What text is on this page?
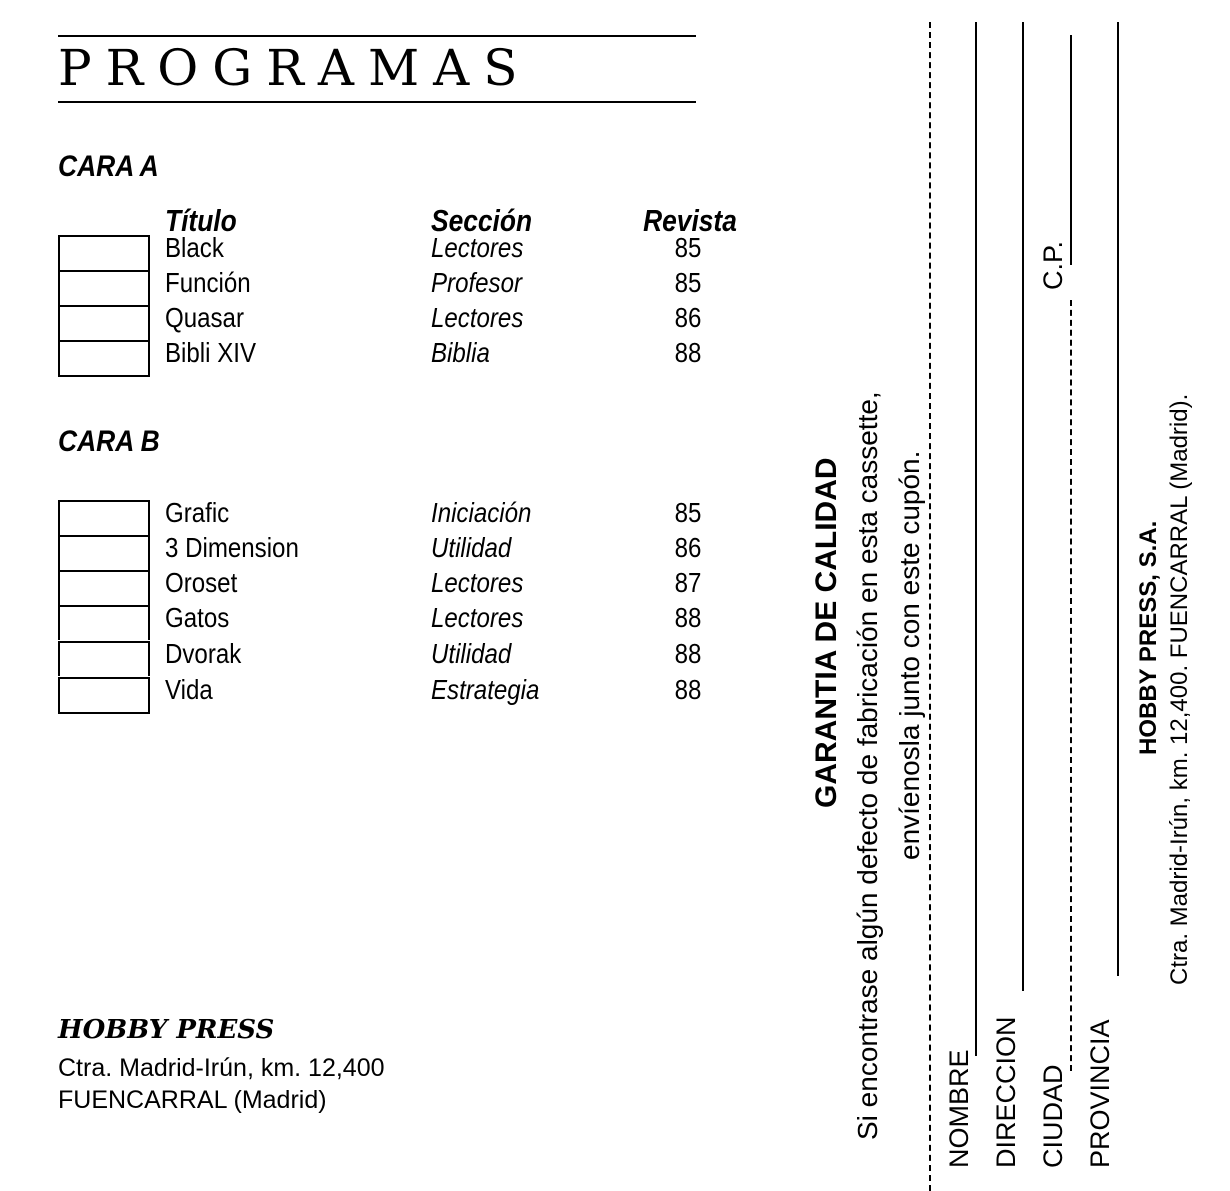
PROGRAMAS
CARA A
Título	Sección	Revista
Black	Lectores	85
Función	Profesor	85
Quasar	Lectores	86
Bibli XIV	Biblia	88
CARA B
Grafic	Iniciación	85
3 Dimension	Utilidad	86
Oroset	Lectores	87
Gatos	Lectores	88
Dvorak	Utilidad	88
Vida	Estrategia	88
HOBBY PRESS
Ctra. Madrid-Irún, km. 12,400
FUENCARRAL (Madrid)
GARANTIA DE CALIDAD Si encontrase algún defecto de fabricación en esta cassette, envíenosla junto con este cupón.
NOMBRE DIRECCION CIUDAD
C.P.
PROVINCIA
HOBBY PRESS, S.A. Ctra. Madrid-Irún, km. 12,400. FUENCARRAL (Madrid).
